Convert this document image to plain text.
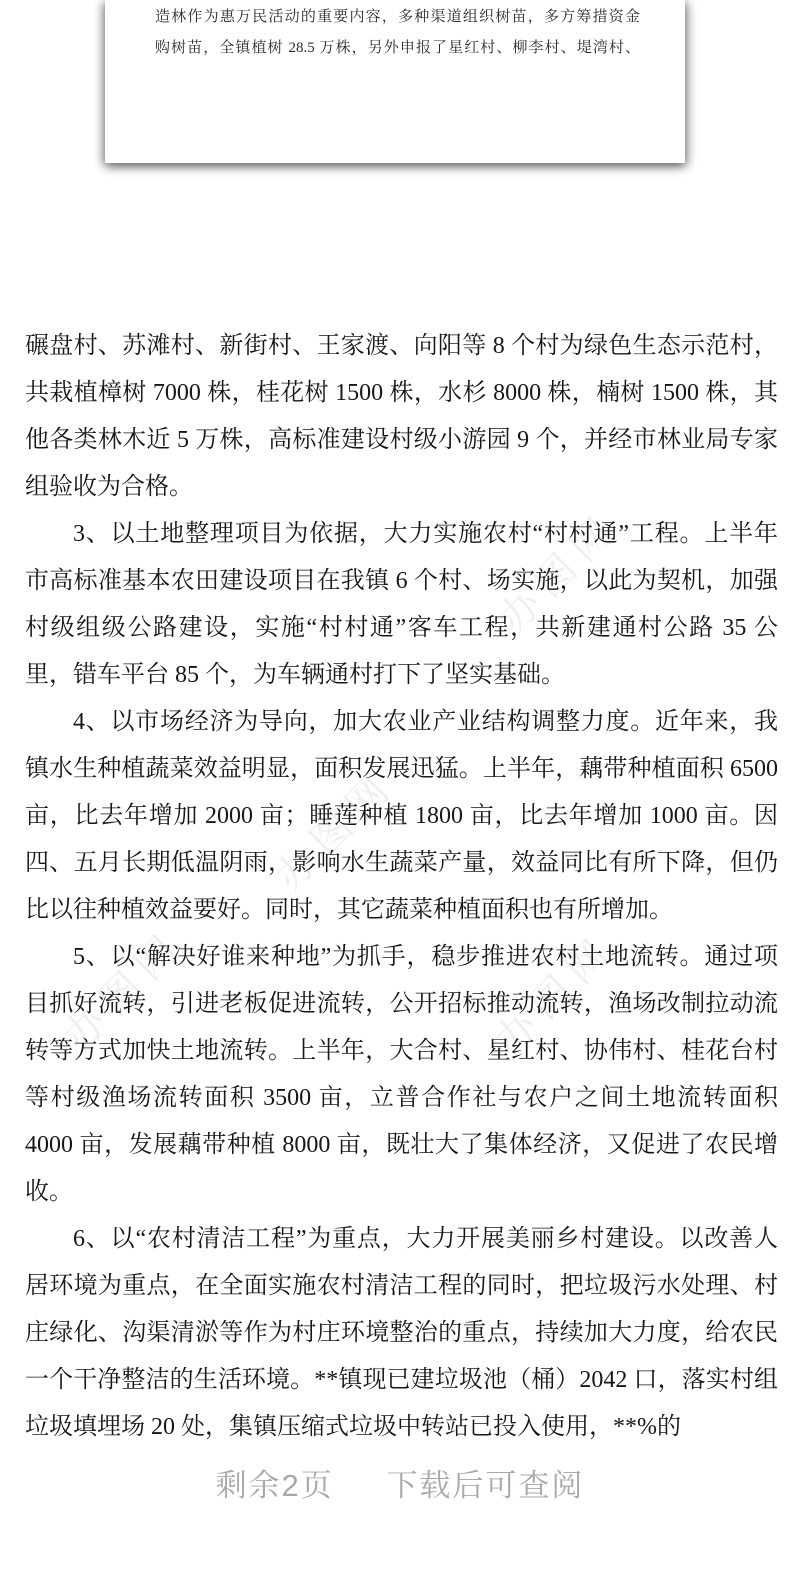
造林作为惠万民活动的重要内容，多种渠道组织树苗，多方筹措资金
购树苗，全镇植树 28.5 万株，另外申报了星红村、柳李村、堤湾村、
办图网
办图网
办图网	办图网

碾盘村、苏滩村、新街村、王家渡、向阳等 8 个村为绿色生态示范村，共栽植樟树 7000 株，桂花树 1500 株，水杉 8000 株，楠树 1500 株，其他各类林木近 5 万株，高标准建设村级小游园 9 个，并经市林业局专家组验收为合格。

3、以土地整理项目为依据，大力实施农村“村村通”工程。上半年市高标准基本农田建设项目在我镇 6 个村、场实施，以此为契机，加强村级组级公路建设，实施“村村通”客车工程，共新建通村公路 35 公里，错车平台 85 个，为车辆通村打下了坚实基础。

4、以市场经济为导向，加大农业产业结构调整力度。近年来，我镇水生种植蔬菜效益明显，面积发展迅猛。上半年，藕带种植面积 6500 亩，比去年增加 2000 亩；睡莲种植 1800 亩，比去年增加 1000 亩。因四、五月长期低温阴雨，影响水生蔬菜产量，效益同比有所下降，但仍比以往种植效益要好。同时，其它蔬菜种植面积也有所增加。

5、以“解决好谁来种地”为抓手，稳步推进农村土地流转。通过项目抓好流转，引进老板促进流转，公开招标推动流转，渔场改制拉动流转等方式加快土地流转。上半年，大合村、星红村、协伟村、桂花台村等村级渔场流转面积 3500 亩，立普合作社与农户之间土地流转面积 4000 亩，发展藕带种植 8000 亩，既壮大了集体经济，又促进了农民增收。

6、以“农村清洁工程”为重点，大力开展美丽乡村建设。以改善人居环境为重点，在全面实施农村清洁工程的同时，把垃圾污水处理、村庄绿化、沟渠清淤等作为村庄环境整治的重点，持续加大力度，给农民一个干净整洁的生活环境。**镇现已建垃圾池（桶）2042 口，落实村组垃圾填埋场 20 处，集镇压缩式垃圾中转站已投入使用，**%的

剩余2页 下载后可查阅
